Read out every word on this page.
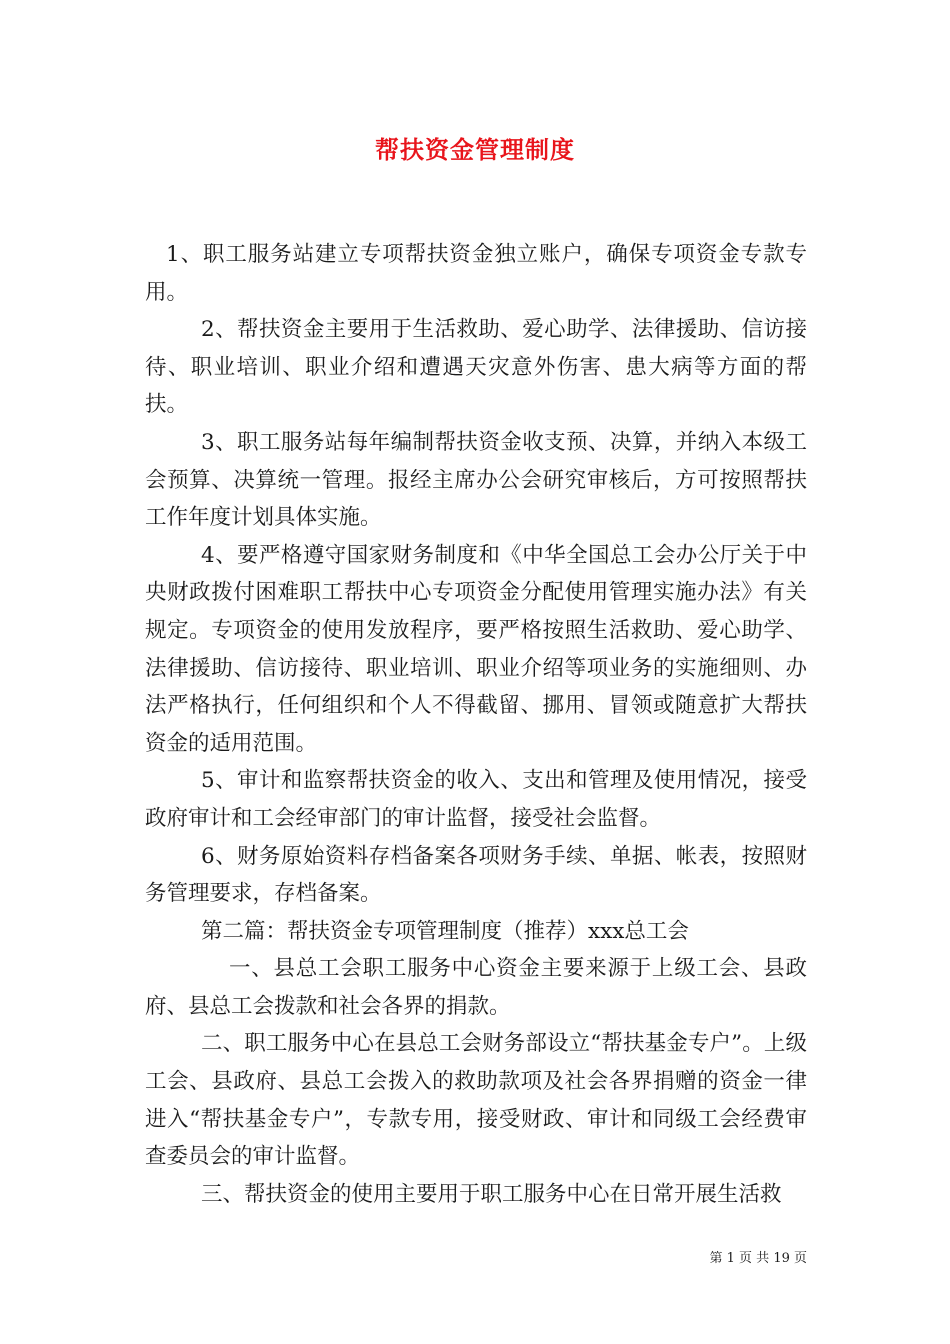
帮扶资金管理制度

1、职工服务站建立专项帮扶资金独立账户，确保专项资金专款专用。

2、帮扶资金主要用于生活救助、爱心助学、法律援助、信访接待、职业培训、职业介绍和遭遇天灾意外伤害、患大病等方面的帮扶。

3、职工服务站每年编制帮扶资金收支预、决算，并纳入本级工会预算、决算统一管理。报经主席办公会研究审核后，方可按照帮扶工作年度计划具体实施。

4、要严格遵守国家财务制度和《中华全国总工会办公厅关于中央财政拨付困难职工帮扶中心专项资金分配使用管理实施办法》有关规定。专项资金的使用发放程序，要严格按照生活救助、爱心助学、法律援助、信访接待、职业培训、职业介绍等项业务的实施细则、办法严格执行，任何组织和个人不得截留、挪用、冒领或随意扩大帮扶资金的适用范围。

5、审计和监察帮扶资金的收入、支出和管理及使用情况，接受政府审计和工会经审部门的审计监督，接受社会监督。

6、财务原始资料存档备案各项财务手续、单据、帐表，按照财务管理要求，存档备案。

第二篇：帮扶资金专项管理制度（推荐）xxx总工会

一、县总工会职工服务中心资金主要来源于上级工会、县政府、县总工会拨款和社会各界的捐款。

二、职工服务中心在县总工会财务部设立“帮扶基金专户”。上级工会、县政府、县总工会拨入的救助款项及社会各界捐赠的资金一律进入“帮扶基金专户”，专款专用，接受财政、审计和同级工会经费审查委员会的审计监督。

三、帮扶资金的使用主要用于职工服务中心在日常开展生活救

第 1 页 共 19 页
